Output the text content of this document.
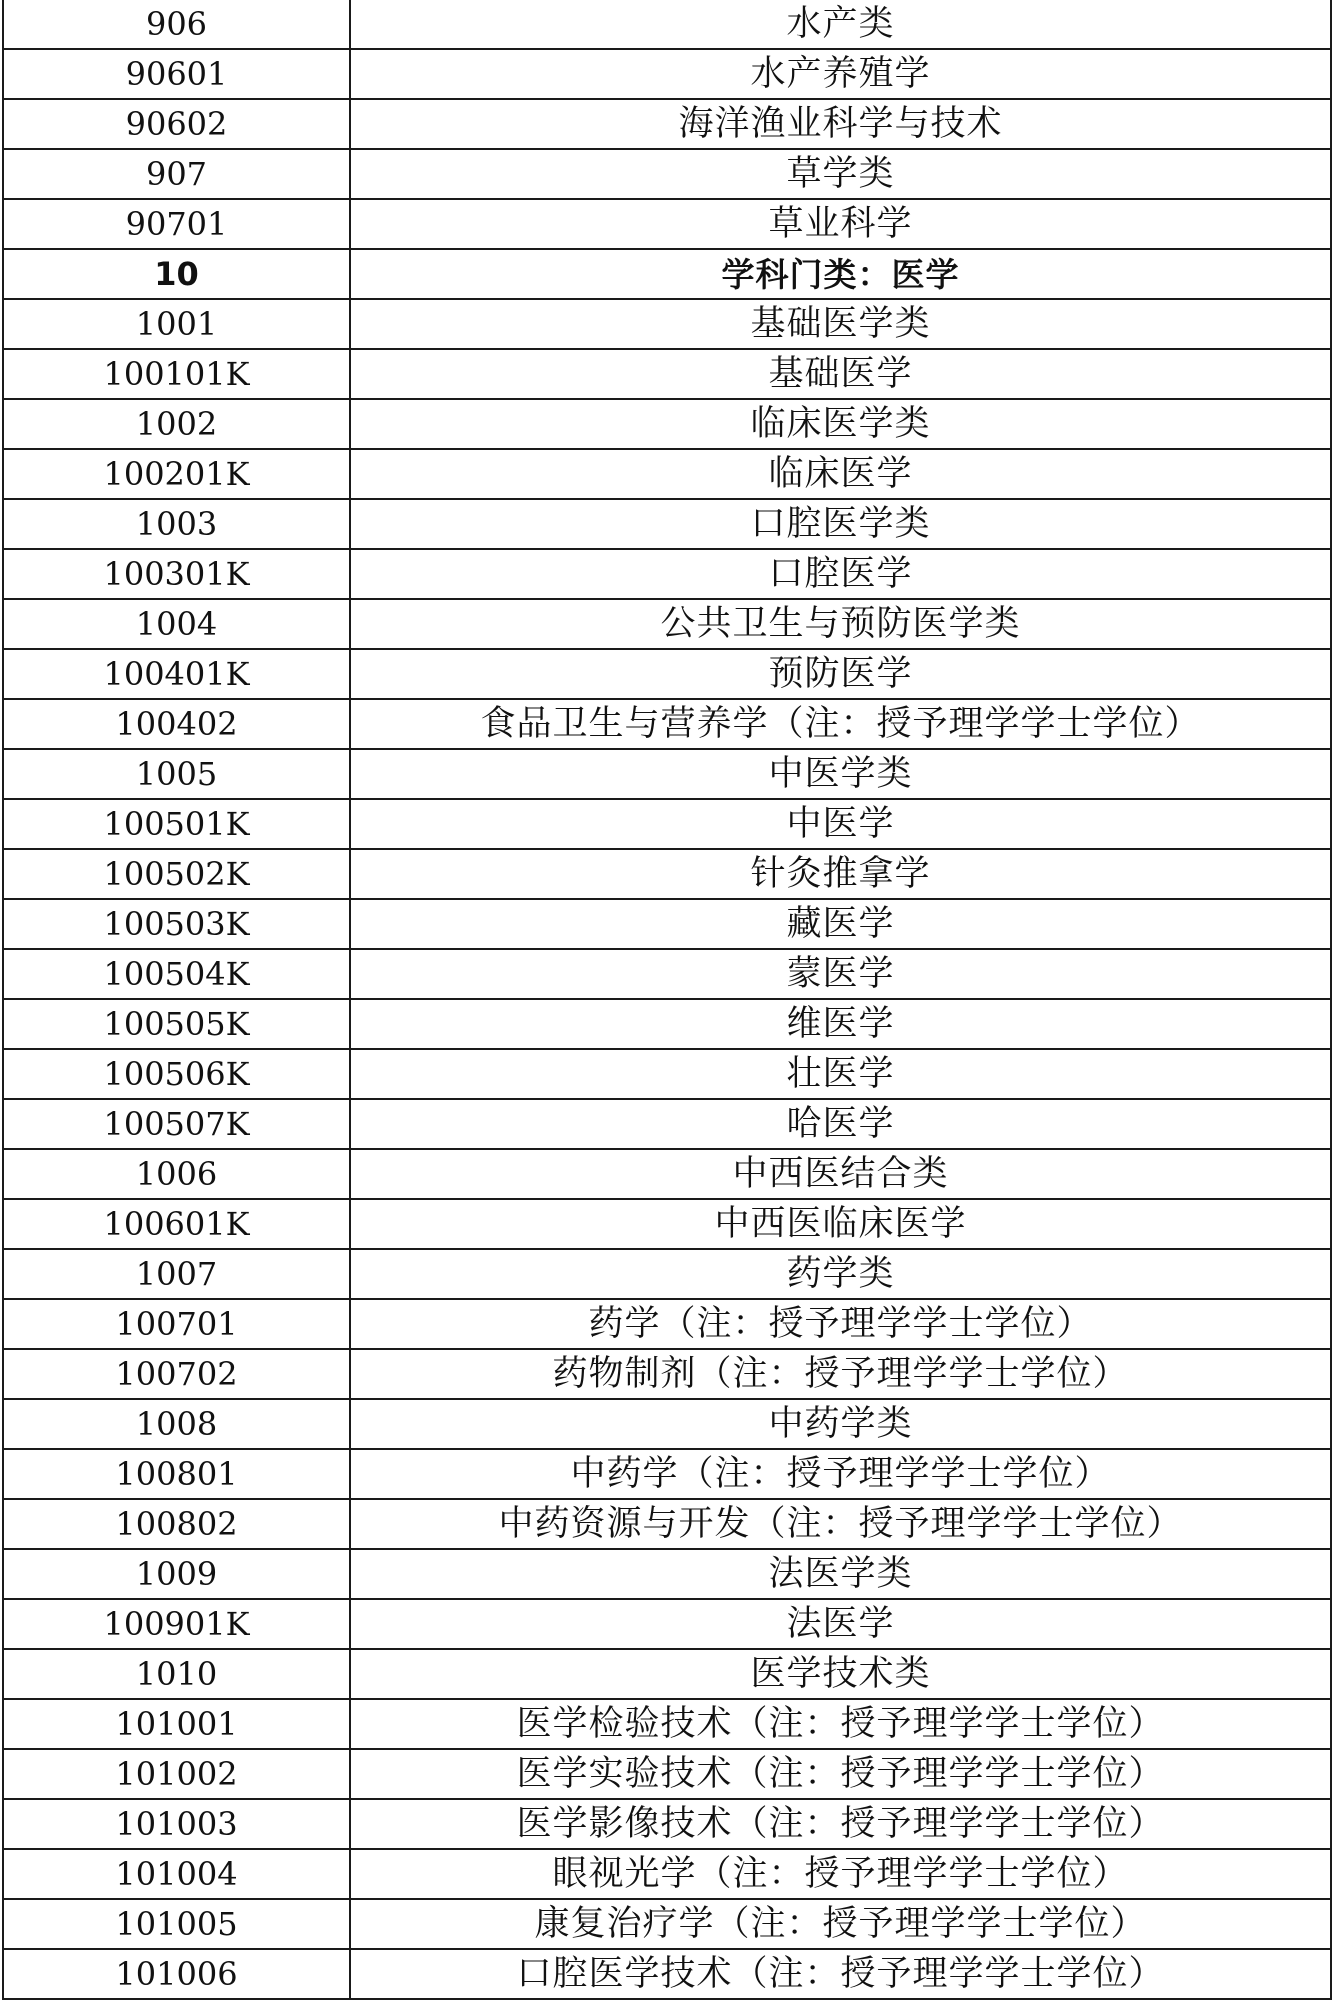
906	水产类
90601	水产养殖学
90602	海洋渔业科学与技术
907	草学类
90701	草业科学
10	学科门类：医学
1001	基础医学类
100101K	基础医学
1002	临床医学类
100201K	临床医学
1003	口腔医学类
100301K	口腔医学
1004	公共卫生与预防医学类
100401K	预防医学
100402	食品卫生与营养学（注：授予理学学士学位）
1005	中医学类
100501K	中医学
100502K	针灸推拿学
100503K	藏医学
100504K	蒙医学
100505K	维医学
100506K	壮医学
100507K	哈医学
1006	中西医结合类
100601K	中西医临床医学
1007	药学类
100701	药学（注：授予理学学士学位）
100702	药物制剂（注：授予理学学士学位）
1008	中药学类
100801	中药学（注：授予理学学士学位）
100802	中药资源与开发（注：授予理学学士学位）
1009	法医学类
100901K	法医学
1010	医学技术类
101001	医学检验技术（注：授予理学学士学位）
101002	医学实验技术（注：授予理学学士学位）
101003	医学影像技术（注：授予理学学士学位）
101004	眼视光学（注：授予理学学士学位）
101005	康复治疗学（注：授予理学学士学位）
101006	口腔医学技术（注：授予理学学士学位）
